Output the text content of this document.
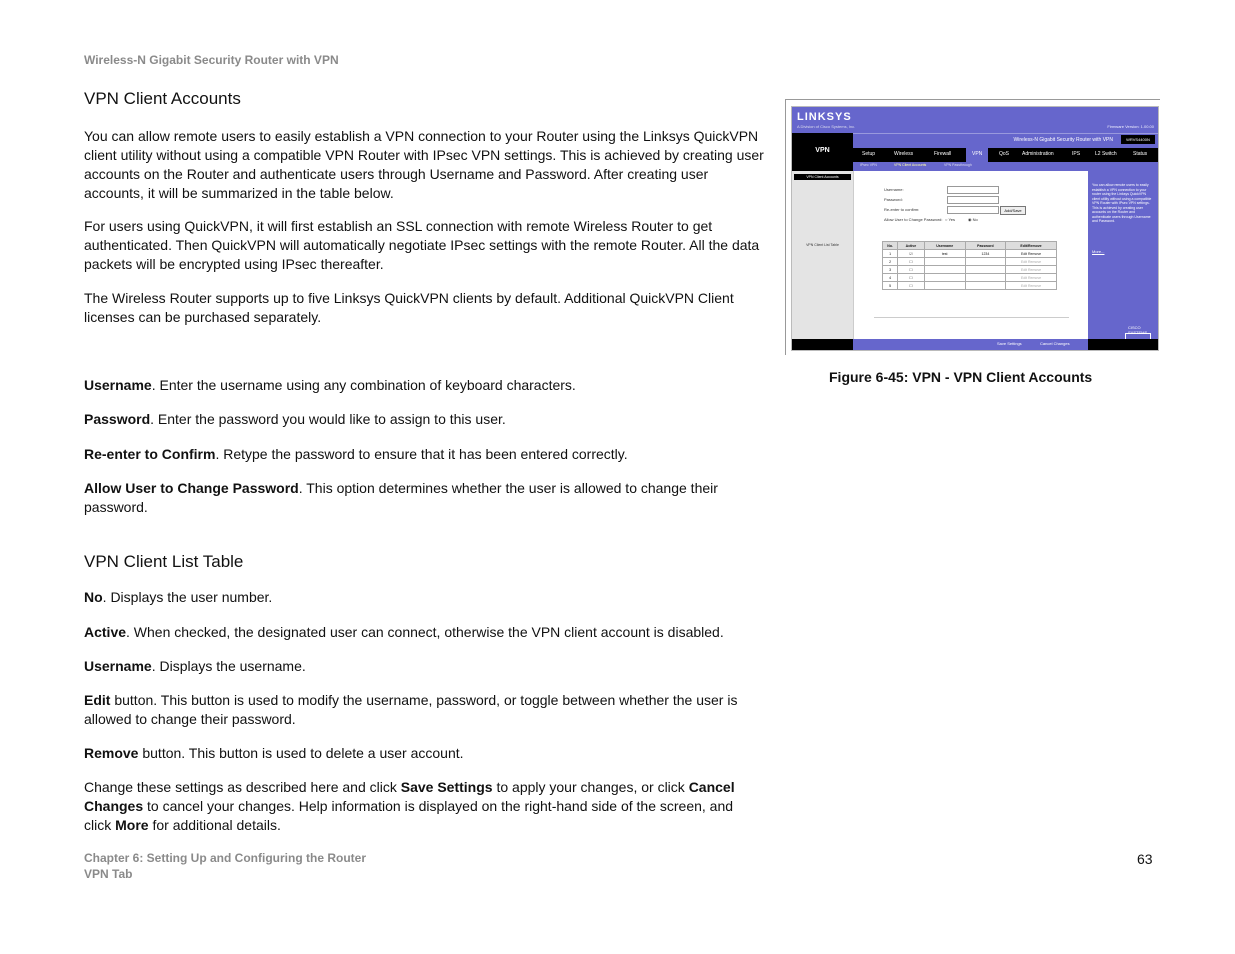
Wireless-N Gigabit Security Router with VPN
VPN Client Accounts
You can allow remote users to easily establish a VPN connection to your Router using the Linksys QuickVPN client utility without using a compatible VPN Router with IPsec VPN settings. This is achieved by creating user accounts on the Router and authenticate users through Username and Password. After creating user accounts, it will be summarized in the table below.
For users using QuickVPN, it will first establish an SSL connection with remote Wireless Router to get authenticated. Then QuickVPN will automatically negotiate IPsec settings with the remote Router. All the data packets will be encrypted using IPsec thereafter.
The Wireless Router supports up to five Linksys QuickVPN clients by default. Additional QuickVPN Client licenses can be purchased separately.
Username. Enter the username using any combination of keyboard characters.
Password. Enter the password you would like to assign to this user.
Re-enter to Confirm. Retype the password to ensure that it has been entered correctly.
Allow User to Change Password. This option determines whether the user is allowed to change their password.
VPN Client List Table
No. Displays the user number.
Active. When checked, the designated user can connect, otherwise the VPN client account is disabled.
Username. Displays the username.
Edit button. This button is used to modify the username, password, or toggle between whether the user is allowed to change their password.
Remove button. This button is used to delete a user account.
Change these settings as described here and click Save Settings to apply your changes, or click Cancel Changes to cancel your changes. Help information is displayed on the right-hand side of the screen, and click More for additional details.
LINKSYS
A Division of Cisco Systems, Inc.	Firmware Version: 1.00.00
VPN
Wireless-N Gigabit Security Router with VPN	WRVS4400N
Setup	Wireless	Firewall	VPN	QoS	Administration	IPS	L2 Switch	Status
IPsec VPN	VPN Client Accounts	VPN Passthrough
VPN Client Accounts
VPN Client List Table
Username:
Password:
Re-enter to confirm:	Add/Save
Allow User to Change Password: ○ Yes	◉ No
No.	Active	Username	Password	Edit/Remove
1	☑	test	1234	Edit Remove
2	☐			Edit Remove
3	☐			Edit Remove
4	☐			Edit Remove
5	☐			Edit Remove
You can allow remote users to easily establish a VPN connection to your router using the Linksys QuickVPN client utility without using a compatible VPN Router with IPsec VPN settings. This is achieved by creating user accounts on the Router and authenticate users through Username and Password.
More...
CISCO SYSTEMS
Save Settings	Cancel Changes
Figure 6-45: VPN - VPN Client Accounts
Chapter 6: Setting Up and Configuring the Router
VPN Tab
63
